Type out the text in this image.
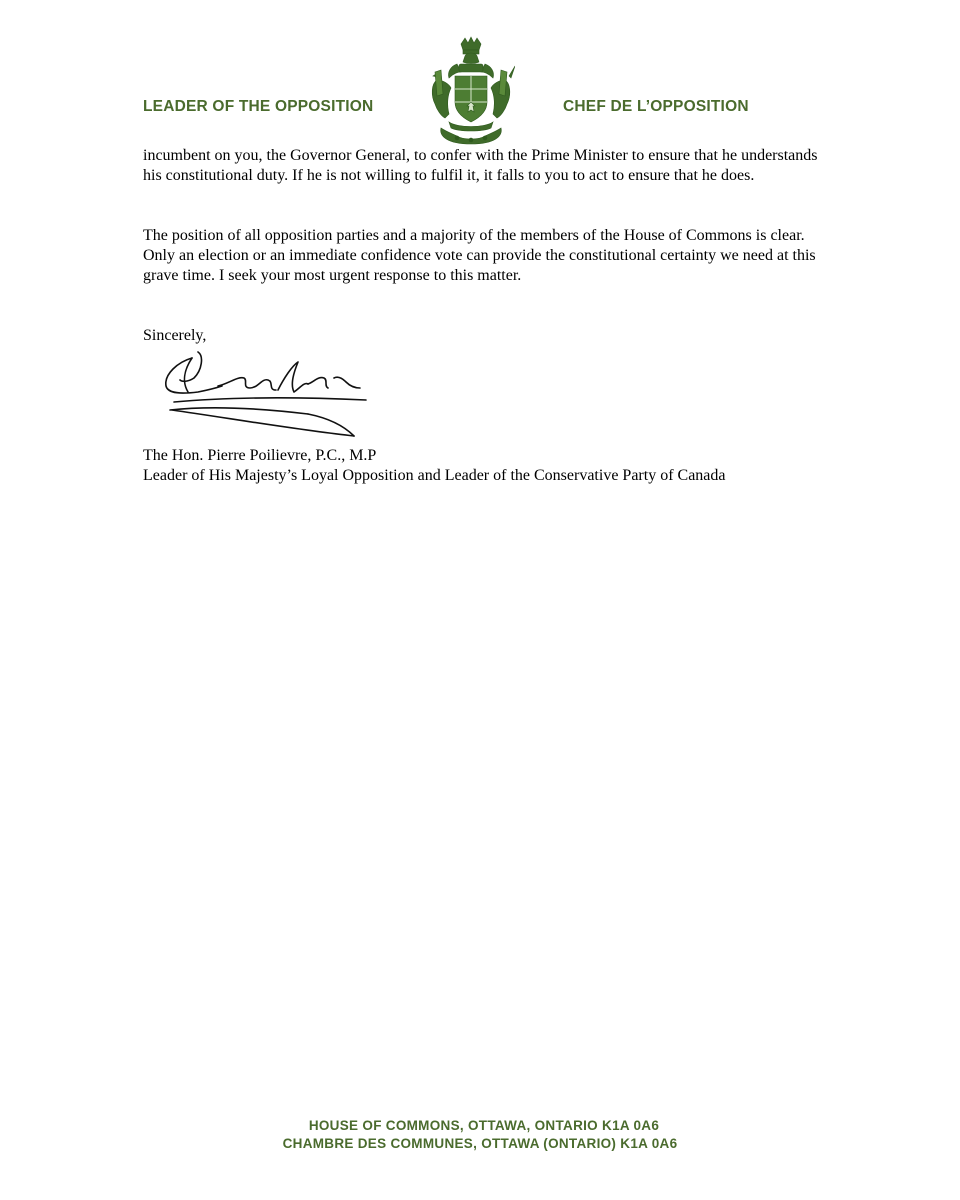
LEADER OF THE OPPOSITION	CHEF DE L’OPPOSITION

incumbent on you, the Governor General, to confer with the Prime Minister to ensure that he understands his constitutional duty. If he is not willing to fulfil it, it falls to you to act to ensure that he does.

The position of all opposition parties and a majority of the members of the House of Commons is clear. Only an election or an immediate confidence vote can provide the constitutional certainty we need at this grave time. I seek your most urgent response to this matter.

Sincerely,

The Hon. Pierre Poilievre, P.C., M.P

Leader of His Majesty’s Loyal Opposition and Leader of the Conservative Party of Canada

HOUSE OF COMMONS, OTTAWA, ONTARIO K1A 0A6
CHAMBRE DES COMMUNES, OTTAWA (ONTARIO) K1A 0A6
